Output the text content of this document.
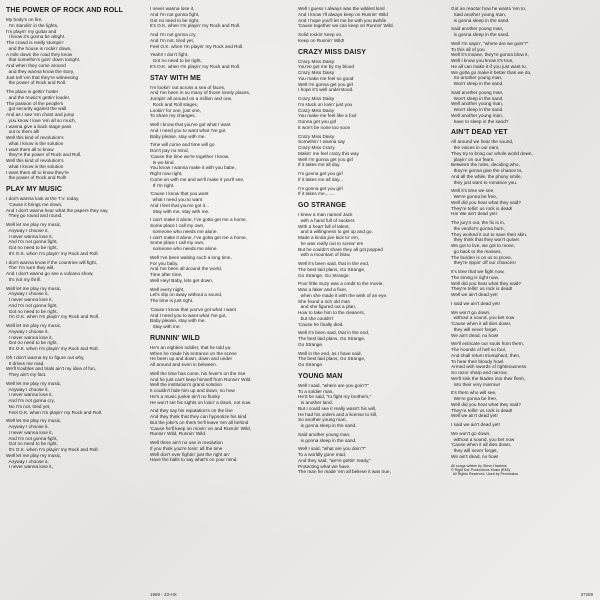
THE POWER OF ROCK AND ROLL
My body's on fire,
I'm standin' in the lights,
I'm playin' my guitar and
I know it's gonna be alright.
The crowd is really stompin'
and the house is rockin' down,
A mile down the road they know
that somethin's goin' down tonight.
And when they come around
and they wanna know the story,
Just tell 'em that they're witnessing
the power of Rock and Roll.
The place is gettin' hotter
and the music's gettin' louder,
The passion of the people's
got security against the wall.
And as I see 'em chant and jump
you know I love 'em all so much,
I wanna give a back stage pass
out to them all!
Well this kind of revolution's
what I know is the solution
I want them all to know
they're the power of Rock and Roll.
Well this kind of revolution's
what I know is the solution
I want them all to know they're
the power of Rock and Roll!
PLAY MY MUSIC
I don't wanna look at the T.V. today,
'Cause it brings me down,
And I don't wanna hear what the papers they say,
They go round and round.
Well let me play my music,
Anyway I choose it,
I never wanna lose it,
And I'm not gonna fight,
Got no need to be right,
It's O.K. when I'm playin' my Rock and Roll.
I don't wanna know if the countries will fight,
The' I'm sure they will,
And I don't wanna go see a volcano show,
It's not my thrill.
Well let me play my music,
Anyway I choose it,
I never wanna lose it,
And I'm not gonna fight,
Got no need to be right,
I'm O.K. when I'm playin' my Rock and Roll.
Well let me play my music,
Anyway I choose it,
I never wanna lose it,
Got no need to be right,
It's O.K. when I'm playin' my Rock and Roll.
Oh I don't wanna try to figure out why,
It drives me mad,
We'll troubles and trials ain't my idea of fun,
They ain't my fact.
Well let me play my music,
Anyway I choose it,
I never wanna lose it,
And I'm not gonna cry,
No I'm not, tired yet,
Feel O.K. when I'm playin' my Rock and Roll.
Well let me play my music,
Anyway I choose it,
I never wanna lose it,
And I'm not gonna fight,
Got no need to be right,
It's O.K. when I'm playin' my Rock and Roll.
Well let me play my music,
Anyway I choose it,
I never wanna lose it,
I never wanna lose it,
And I'm not gonna fight,
Got no need to be right,
It's O.K. when I'm playin' my Rock and Roll.
And I'm not gonna cry,
And I'm not, tired yet,
Feel O.K. when I'm playin' my Rock and Roll.
Yeah!! I don't fight,
Got no need to be right,
It's O.K. when I'm playin' my Rock and Roll.
STAY WITH ME
I'm lookin' out across a sea of faces,
And I've been in so many of those lonely places,
Jumpin' all around on a million and one,
Rock and Roll stages,
Lookin' for one, just one,
To share my changes.
Well I know that you've got what I want
And I need you to want what I've got
Baby please, stay with me.
Time will come and time will go
Don't pay no mind,
'Cause the time we're together I know,
Is we kind.
You know I wanna make it with you babe,
Right now right,
Come on with me and we'll make it you'll see,
If I'm right.
'Cause I know that you want
what I need you to want
And I feel that you've got it...
Stay with me, stay with me.
I can't make it alone, I've gotta get me a home,
Some place I call my own,
someone who needs me alone.
I can't make it alone, I've gotta get me a home,
Some place I call my own,
someone who needs me alone.
Well I've been waiting such a long time,
For you baby,
And I've been all around the world,
Time after time,
Well Hey! Baby, lets get down,
Well every night,
Let's slip on away without a sound,
The time is just right.
'Cause I know that you've got what I want
And I need you to want what I've got,
Baby please, stay with me.
Stay with me.
RUNNIN' WILD
He's an eighties soldier, that he told ya
When he made his entrance on the scene
He been up and down, down and under
All around and even in between.
Well the time has come, his fever's on the rise
And he just can't keep himself from Runnin' Wild.
Well the institution's grand solution
It couldn't hide him up and down, no how
He's a music junkie ain't no flunky
He won't set his sights on losin' a down, not now.
And they say his reputation's on the line
And they think that they can hypnotize his kind
But the joke's on them he'll leave 'em all behind
'Cause he'll keep on movin' on and Runnin' Wild,
Runnin' Wild, Runnin' Wild.
Well there ain't no use in revolution
If you think you're losin' all the time
Well don't ever fightin' just the right an'
Have the balls to say what's on your mind.
Well I guess I always was the wildest kind
And I know I'll always keep on Runnin' Wild
And I hope you'll let me be with you awhile
'Cause together we can keep on Runnin' Wild.
Solid rockin' keep on,
Keep on Runnin' Wild!
CRAZY MISS DAISY
Crazy Miss Daisy
You've got me by my blood
Crazy Miss Daisy
You make me feel so good
Well I'm gonna get you girl
I hope it's well understood.
Crazy Miss Daisy
I'm stuck on lovin' just you
Crazy Miss Daisy
You make me feel like a fool
Gonna get you girl
It won't be none too soon
Crazy Miss Daisy
Somethin' I wanna say
Crazy Miss Crazy
Makin' me feel crazy this way
Well I'm gonna get you girl
If it takes me all day.
I'm gonna get you girl
If it takes me all day...
I'm gonna get you girl
If it takes me........
GO STRANGE
I knew a man named Jack
with a hand full of suckers
With a heart full of talent,
and a willingness to get up and go.
Made a kinda jive kick to' em,
he was really out to screw' em
But he couldn't share they all got popped
with a mountain of blow.
Well it's been said, that in the end,
The best laid plans, Go Strange,
Go Strange, Go Strange.
Poor little Suzy was a credit to the movie,
Was a faker and a fixer,
when she made it with the wink of an eye.
She found a rich old man
and she figured out a plan,
How to take him to the cleaners,
but she couldn't
'Cause he finally died.
Well it's been said, that in the end,
The best laid plans, Go Strange,
Go Strange.
Well in the end, as I have said,
The best laid plans, Go Strange,
Go Strange.
YOUNG MAN
Well I said, "where are you goin'?"
To a soldier man,
He'd he said, "to fight my brothers,"
in another land.
But I could see it really wasn't his will,
He had his orders and a license to kill,
So another young man,
is gonna sleep in the sand.
Said another young man,
is gonna sleep in the sand.
Well I said, "what are you doin'?"
To a worldly gone mad,
And they said, "we're gettin' ready,"
Protecting what we have.
The man he made 'em all believe it was true,
Got an reactor how he wants 'em to,
Said another young man,
is gonna sleep in the sand.
Said another young man,
is gonna sleep in the sand.
Well I'm sayin', "where are we goin'?"
To this all of you
Well it's insane, they're gonna blow it,
Well I know you know it's true,
He all can make it if you just want to,
We gotta go make it better than we do,
So another young man,
Won't sleep in the sand.
Said another young man,
Won't sleep in the sand.
Well another young man,
Won't sleep in the sand.
Well another young man,
have to sleep in the sand?
AIN'T DEAD YET
All around we hear the sound,
the voices in our ears,
They try to bring our whole world down,
playin' on our fears.
Between the rules, deciding who,
they're gonna give the chance to,
And all the while, the phony smile,
they just want to romance you.
Well it's time we see,
We're gonna be free,
Well did you hear what they said?
They're tellin' us rock is dead!
Ha! We ain't dead yet!
The jury's out, the fix is in,
the verdict's gonna burn,
They worked it out to save their skin,
they think that they won't quiver.
We got to live, we got to move,
go back to the masses,
The burden is on us to prove,
they're rippin' off our chances!
It's time that we fight now,
The timing is right now,
Well did you hear what they said?
They're tellin' us rock is dead!
Well we ain't dead yet!
I said we ain't dead yet!
We won't go down,
without a sound, you bet now
'Cause when it all dies down,
they will never forget,
We ain't dead, no how!
We'll extricate our souls from them,
The hounds of hell so foul,
And shall return triumphant, then,
To hear their bloody howl.
Armed with swords of righteousness
So razor sharp and narrow,
We'll sink the blades into their flesh,
into their very marrow!
It's them who will see,
We're gonna be free,
Well did you hear what they said?
They're tellin' us rock is dead!
Well we ain't dead yet!
I said we ain't dead yet!
We won't go down,
without a sound, you bet now
'Cause when it all dies down,
they will never forget,
We ain't dead, no how!
All songs written by Steve Hawkins
© Right Ear Productions Music (BMI)
All Rights Reserved. Used by Permission.
1989 - 33-HX	37269
